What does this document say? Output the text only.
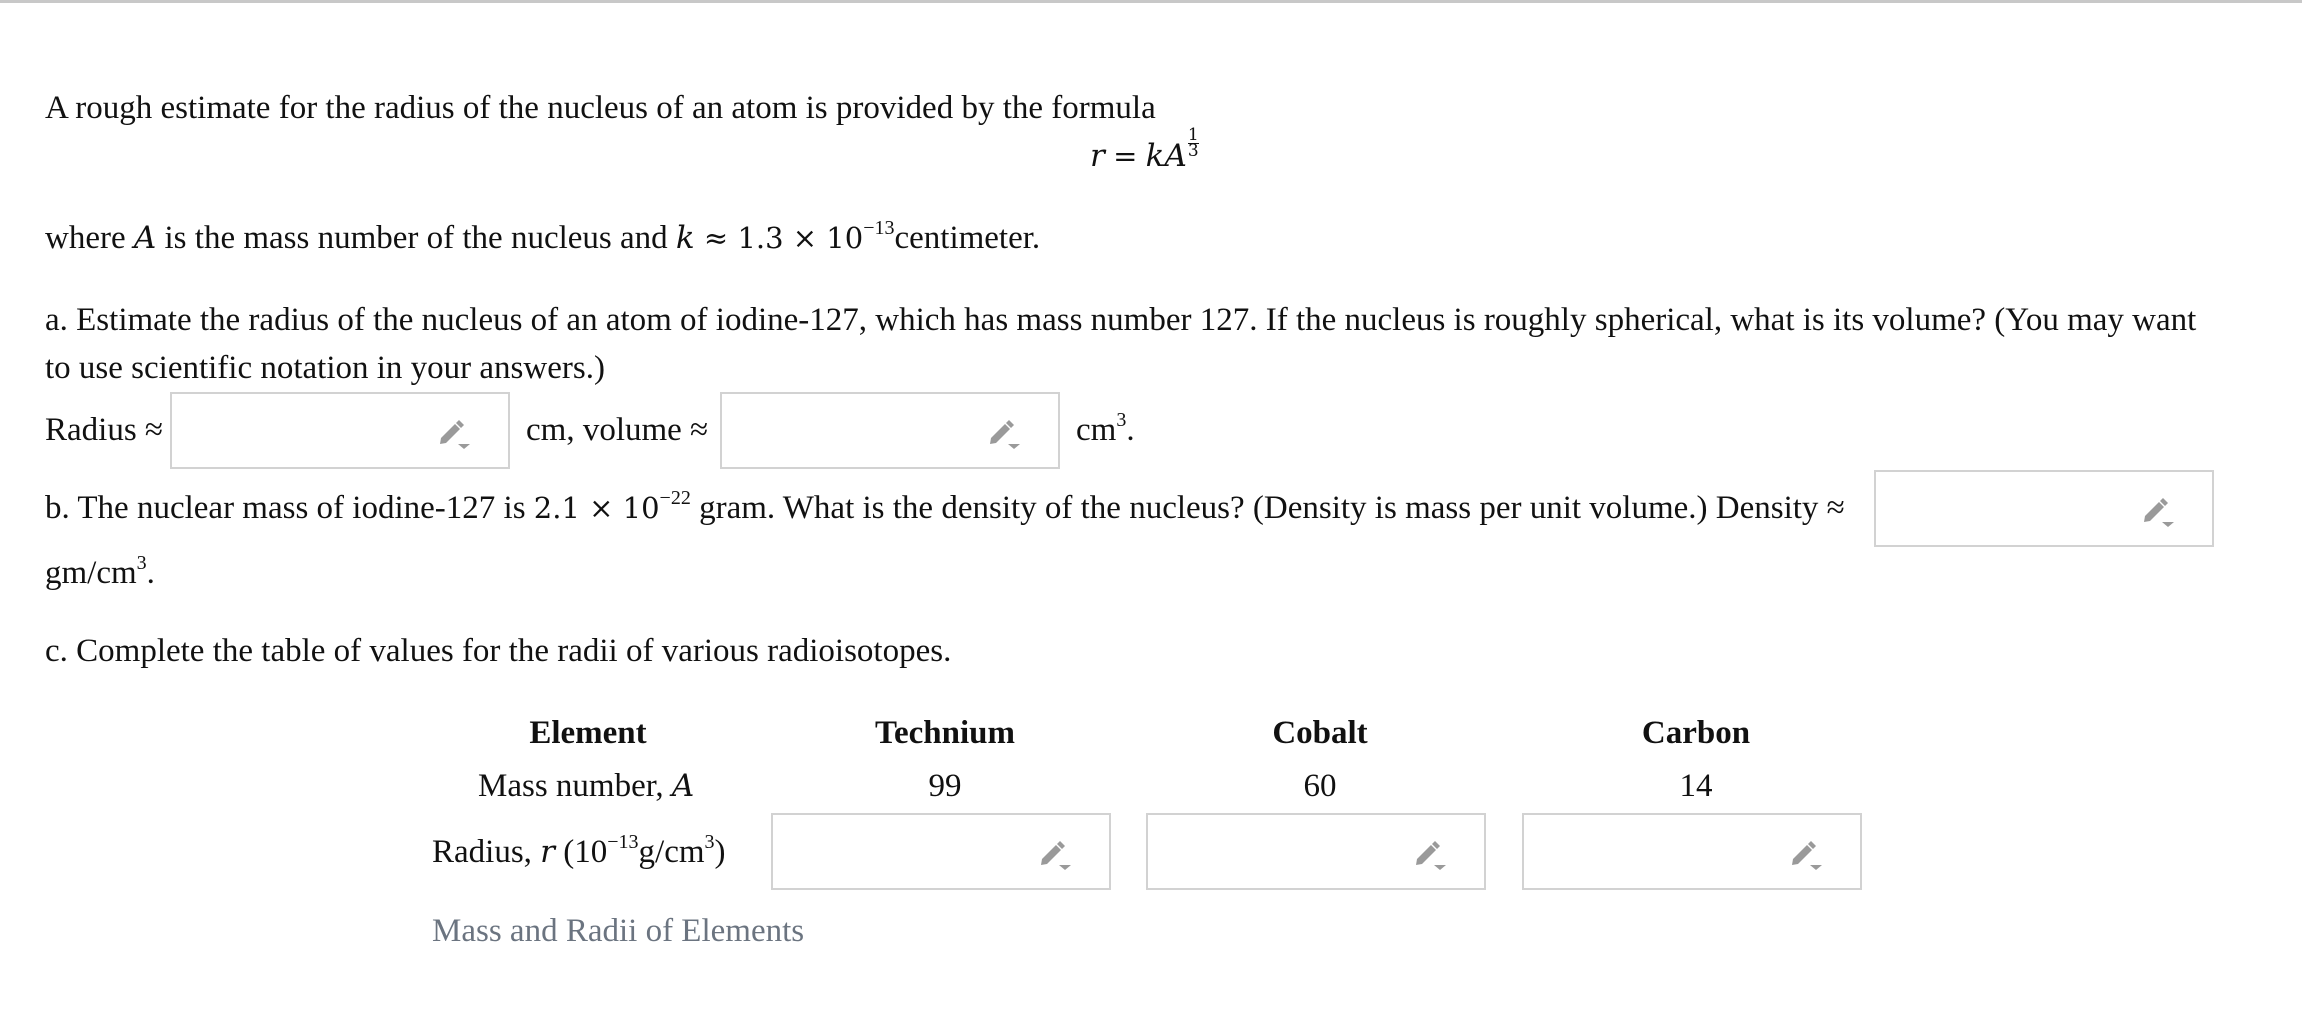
A rough estimate for the radius of the nucleus of an atom is provided by the formula
$r = kA\frac{1}{3}$
where A is the mass number of the nucleus and $k \approx 1.3 \times 10^{-13}centimeter$.
a. Estimate the radius of the nucleus of an atom of iodine-127, which has mass number 127. If the nucleus is roughly spherical, what is its volume? (You may want
to use scientific notation in your answers.)
Radius ≈	cm, volume ≈	$cm^3$.
b. The nuclear mass of iodine-127 is $2.1 \times 10^{-22}$ gram. What is the density of the nucleus? (Density is mass per unit volume.) Density ≈
$gm/cm^3$.
c. Complete the table of values for the radii of various radioisotopes.
Element	Technium	Cobalt	Carbon
Mass number, A	99	60	14
Radius, r $(10^{-13}g/cm^3)$
Mass and Radii of Elements
